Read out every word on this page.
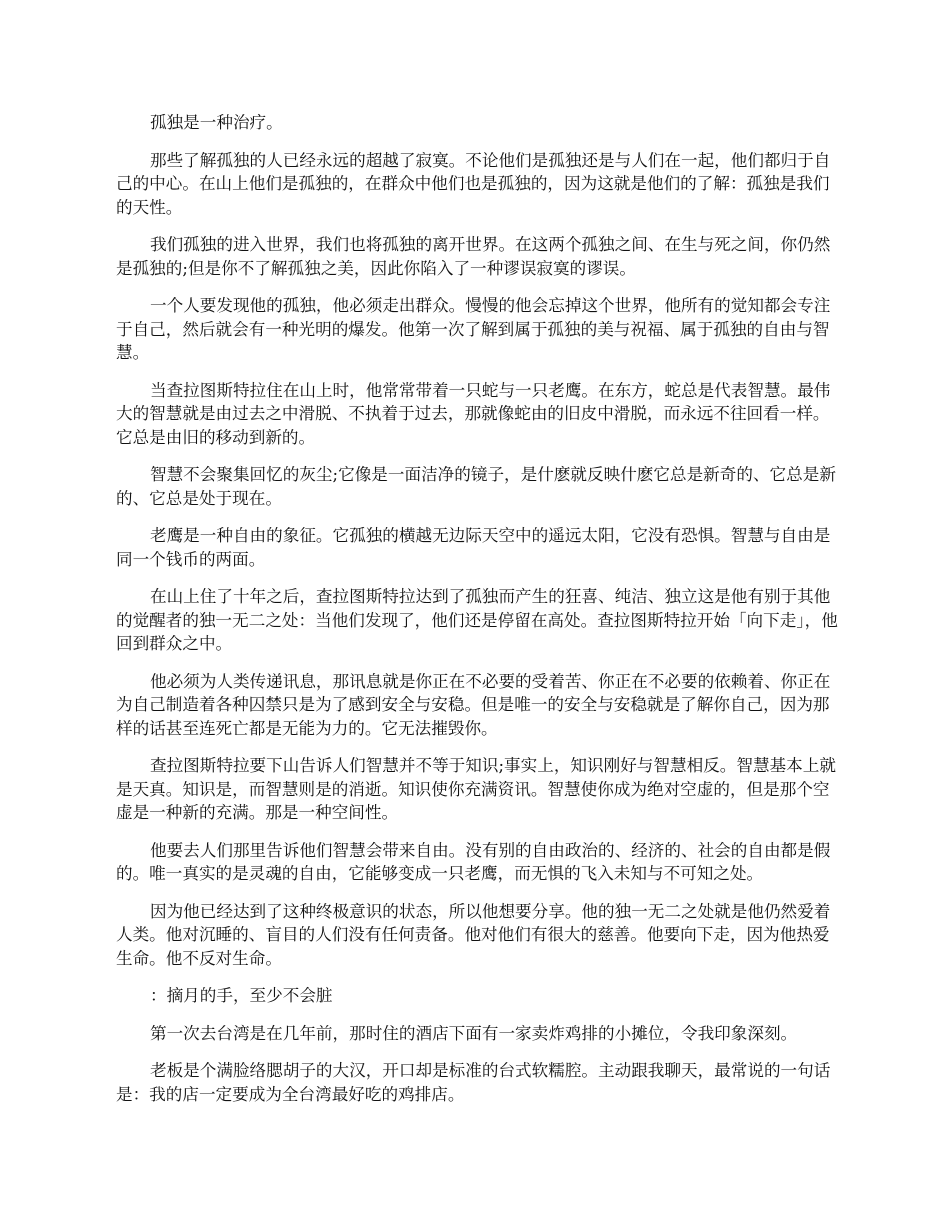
孤独是一种治疗。

那些了解孤独的人已经永远的超越了寂寞。不论他们是孤独还是与人们在一起，他们都归于自己的中心。在山上他们是孤独的，在群众中他们也是孤独的，因为这就是他们的了解：孤独是我们的天性。

我们孤独的进入世界，我们也将孤独的离开世界。在这两个孤独之间、在生与死之间，你仍然是孤独的;但是你不了解孤独之美，因此你陷入了一种谬误寂寞的谬误。

一个人要发现他的孤独，他必须走出群众。慢慢的他会忘掉这个世界，他所有的觉知都会专注于自己，然后就会有一种光明的爆发。他第一次了解到属于孤独的美与祝福、属于孤独的自由与智慧。

当查拉图斯特拉住在山上时，他常常带着一只蛇与一只老鹰。在东方，蛇总是代表智慧。最伟大的智慧就是由过去之中滑脱、不执着于过去，那就像蛇由的旧皮中滑脱，而永远不往回看一样。它总是由旧的移动到新的。

智慧不会聚集回忆的灰尘;它像是一面洁净的镜子，是什麽就反映什麽它总是新奇的、它总是新的、它总是处于现在。

老鹰是一种自由的象征。它孤独的横越无边际天空中的遥远太阳，它没有恐惧。智慧与自由是同一个钱币的两面。

在山上住了十年之后，查拉图斯特拉达到了孤独而产生的狂喜、纯洁、独立这是他有别于其他的觉醒者的独一无二之处：当他们发现了，他们还是停留在高处。查拉图斯特拉开始「向下走」，他回到群众之中。

他必须为人类传递讯息，那讯息就是你正在不必要的受着苦、你正在不必要的依赖着、你正在为自己制造着各种囚禁只是为了感到安全与安稳。但是唯一的安全与安稳就是了解你自己，因为那样的话甚至连死亡都是无能为力的。它无法摧毁你。

查拉图斯特拉要下山告诉人们智慧并不等于知识;事实上，知识刚好与智慧相反。智慧基本上就是天真。知识是，而智慧则是的消逝。知识使你充满资讯。智慧使你成为绝对空虚的，但是那个空虚是一种新的充满。那是一种空间性。

他要去人们那里告诉他们智慧会带来自由。没有别的自由政治的、经济的、社会的自由都是假的。唯一真实的是灵魂的自由，它能够变成一只老鹰，而无惧的飞入未知与不可知之处。

因为他已经达到了这种终极意识的状态，所以他想要分享。他的独一无二之处就是他仍然爱着人类。他对沉睡的、盲目的人们没有任何责备。他对他们有很大的慈善。他要向下走，因为他热爱生命。他不反对生命。

：摘月的手，至少不会脏

第一次去台湾是在几年前，那时住的酒店下面有一家卖炸鸡排的小摊位，令我印象深刻。

老板是个满脸络腮胡子的大汉，开口却是标准的台式软糯腔。主动跟我聊天，最常说的一句话是：我的店一定要成为全台湾最好吃的鸡排店。
